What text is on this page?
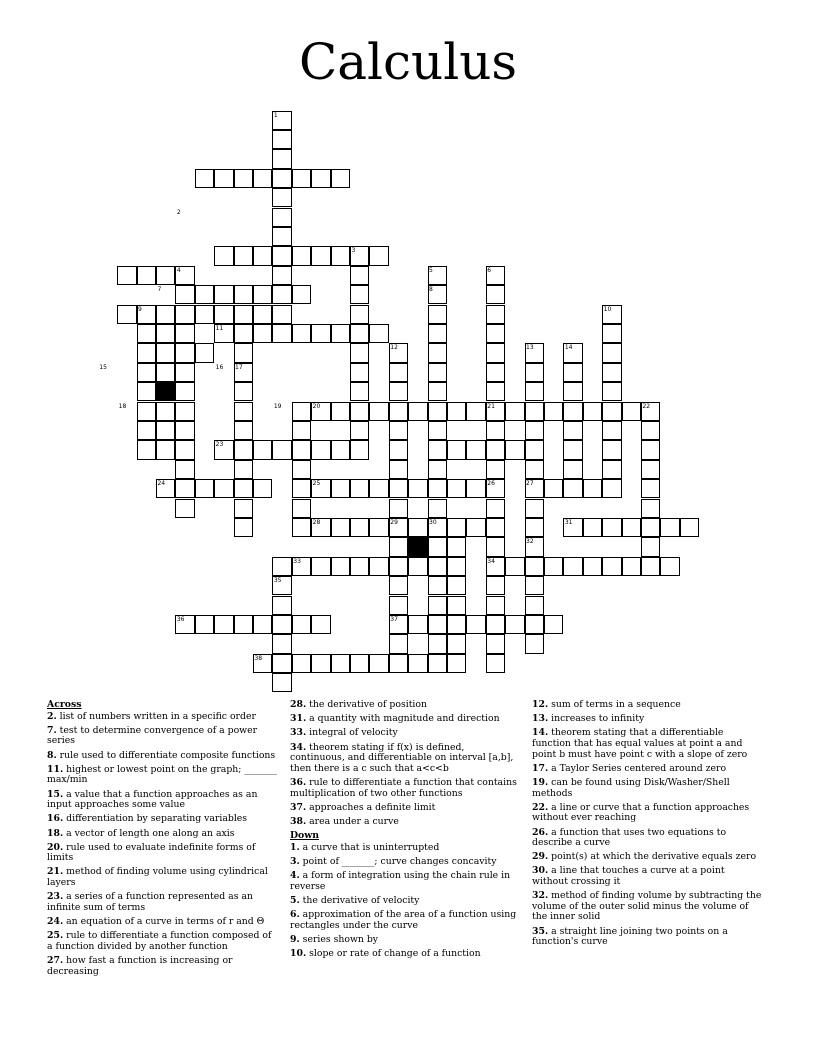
Calculus
1
2
3
4	5	6
7	8
9	10
11
12	13	14
15	16 17
18	19	20	21	22
23
24	25	26	27
28	29	30	31
32
33	34
35
36	37
38
Across
2. list of numbers written in a specific order
7. test to determine convergence of a power series
8. rule used to differentiate composite functions
11. highest or lowest point on the graph; _______ max/min
15. a value that a function approaches as an input approaches some value
16. differentiation by separating variables
18. a vector of length one along an axis
20. rule used to evaluate indefinite forms of limits
21. method of finding volume using cylindrical layers
23. a series of a function represented as an infinite sum of terms
24. an equation of a curve in terms of r and Θ
25. rule to differentiate a function composed of a function divided by another function
27. how fast a function is increasing or decreasing
28. the derivative of position
31. a quantity with magnitude and direction
33. integral of velocity
34. theorem stating if f(x) is defined, continuous, and differentiable on interval [a,b], then there is a c such that a<c<b
36. rule to differentiate a function that contains multiplication of two other functions
37. approaches a definite limit
38. area under a curve
Down
1. a curve that is uninterrupted
3. point of _______; curve changes concavity
4. a form of integration using the chain rule in reverse
5. the derivative of velocity
6. approximation of the area of a function using rectangles under the curve
9. series shown by
10. slope or rate of change of a function
12. sum of terms in a sequence
13. increases to infinity
14. theorem stating that a differentiable function that has equal values at point a and point b must have point c with a slope of zero
17. a Taylor Series centered around zero
19. can be found using Disk/Washer/Shell methods
22. a line or curve that a function approaches without ever reaching
26. a function that uses two equations to describe a curve
29. point(s) at which the derivative equals zero
30. a line that touches a curve at a point without crossing it
32. method of finding volume by subtracting the volume of the outer solid minus the volume of the inner solid
35. a straight line joining two points on a function's curve
